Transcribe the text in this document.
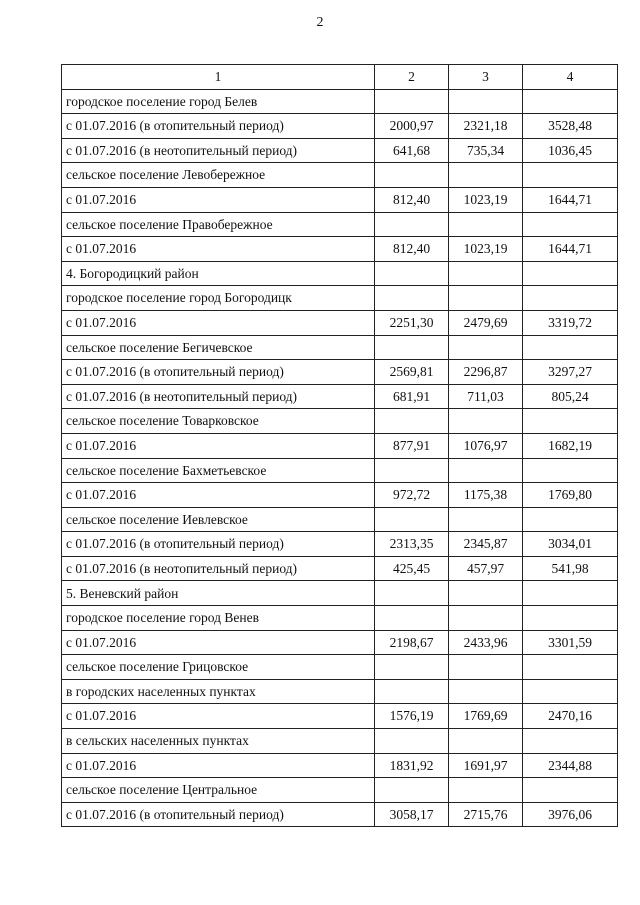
2
1	2	3	4
городское поселение город Белев			
с 01.07.2016 (в отопительный период)	2000,97	2321,18	3528,48
с 01.07.2016 (в неотопительный период)	641,68	735,34	1036,45
сельское поселение Левобережное			
с 01.07.2016	812,40	1023,19	1644,71
сельское поселение Правобережное			
с 01.07.2016	812,40	1023,19	1644,71
4. Богородицкий район			
городское поселение город Богородицк			
с 01.07.2016	2251,30	2479,69	3319,72
сельское поселение Бегичевское			
с 01.07.2016 (в отопительный период)	2569,81	2296,87	3297,27
с 01.07.2016 (в неотопительный период)	681,91	711,03	805,24
сельское поселение Товарковское			
с 01.07.2016	877,91	1076,97	1682,19
сельское поселение Бахметьевское			
с 01.07.2016	972,72	1175,38	1769,80
сельское поселение Иевлевское			
с 01.07.2016 (в отопительный период)	2313,35	2345,87	3034,01
с 01.07.2016 (в неотопительный период)	425,45	457,97	541,98
5. Веневский район			
городское поселение город Венев			
с 01.07.2016	2198,67	2433,96	3301,59
сельское поселение Грицовское			
в городских населенных пунктах			
с 01.07.2016	1576,19	1769,69	2470,16
в сельских населенных пунктах			
с 01.07.2016	1831,92	1691,97	2344,88
сельское поселение Центральное			
с 01.07.2016 (в отопительный период)	3058,17	2715,76	3976,06
